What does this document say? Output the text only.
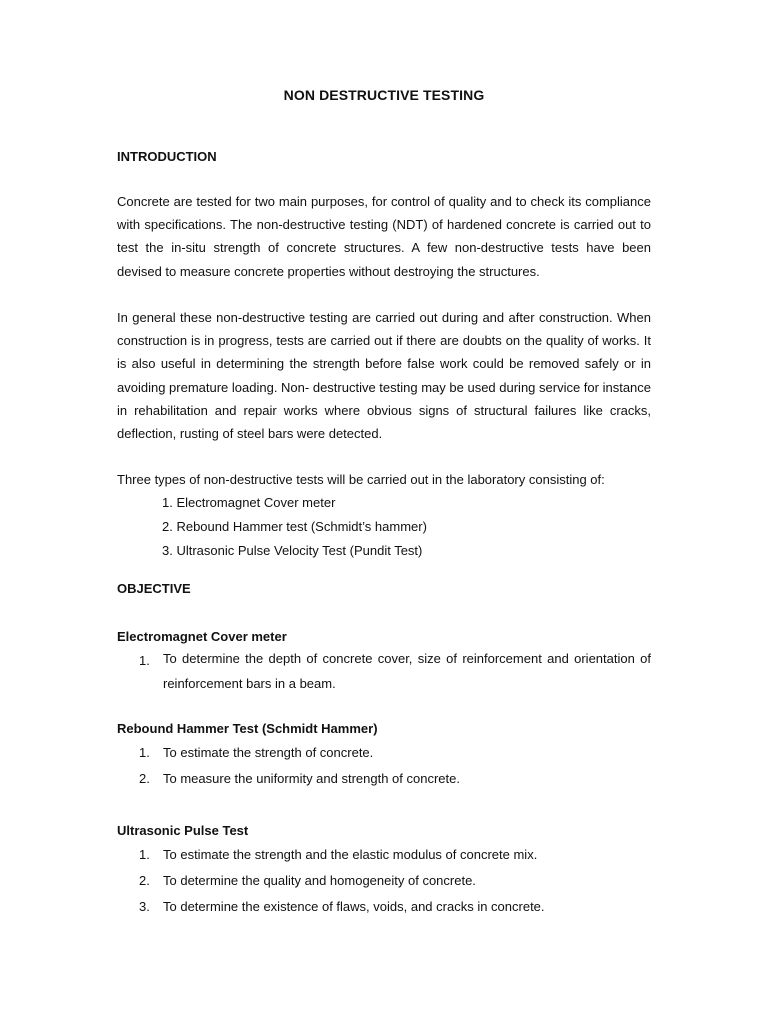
NON DESTRUCTIVE TESTING
INTRODUCTION

Concrete are tested for two main purposes, for control of quality and to check its compliance with specifications. The non-destructive testing (NDT) of hardened concrete is carried out to test the in-situ strength of concrete structures. A few non-destructive tests have been devised to measure concrete properties without destroying the structures.

In general these non-destructive testing are carried out during and after construction. When construction is in progress, tests are carried out if there are doubts on the quality of works. It is also useful in determining the strength before false work could be removed safely or in avoiding premature loading. Non- destructive testing may be used during service for instance in rehabilitation and repair works where obvious signs of structural failures like cracks, deflection, rusting of steel bars were detected.

Three types of non-destructive tests will be carried out in the laboratory consisting of:
1. Electromagnet Cover meter
2. Rebound Hammer test (Schmidt’s hammer)
3. Ultrasonic Pulse Velocity Test (Pundit Test)
OBJECTIVE
Electromagnet Cover meter
1. To determine the depth of concrete cover, size of reinforcement and orientation of reinforcement bars in a beam.

Rebound Hammer Test (Schmidt Hammer)
1. To estimate the strength of concrete.
2. To measure the uniformity and strength of concrete.
Ultrasonic Pulse Test
1. To estimate the strength and the elastic modulus of concrete mix.
2. To determine the quality and homogeneity of concrete.
3. To determine the existence of flaws, voids, and cracks in concrete.
